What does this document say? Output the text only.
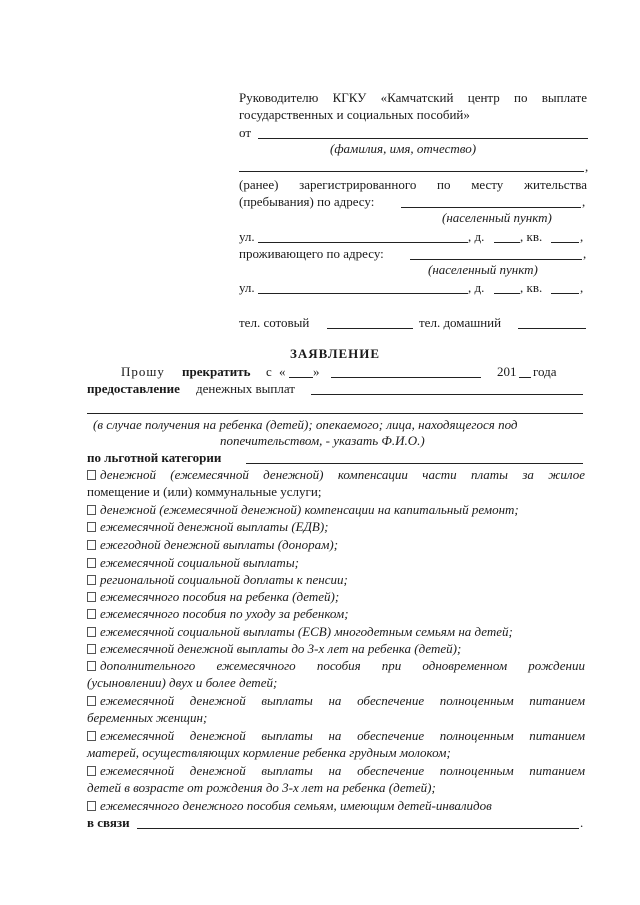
Руководителю КГКУ «Камчатский центр по выплате
государственных и социальных пособий»
от
(фамилия, имя, отчество)
,
(ранее) зарегистрированного по месту жительства
(пребывания) по адресу:	,
(населенный пункт)
ул.	, д.	, кв.	,
проживающего по адресу:	,
(населенный пункт)
ул.	, д.	, кв.	,
тел. сотовый	тел. домашний
ЗАЯВЛЕНИЕ
Прошу прекратить с « »	201 года
предоставление денежных выплат
(в случае получения на ребенка (детей); опекаемого; лица, находящегося под
попечительством, - указать Ф.И.О.)
по льготной категории
денежной (ежемесячной денежной) компенсации части платы за жилое
помещение и (или) коммунальные услуги;
денежной (ежемесячной денежной) компенсации на капитальный ремонт;
ежемесячной денежной выплаты (ЕДВ);
ежегодной денежной выплаты (донорам);
ежемесячной социальной выплаты;
региональной социальной доплаты к пенсии;
ежемесячного пособия на ребенка (детей);
ежемесячного пособия по уходу за ребенком;
ежемесячной социальной выплаты (ЕСВ) многодетным семьям на детей;
ежемесячной денежной выплаты до 3-х лет на ребенка (детей);
дополнительного ежемесячного пособия при одновременном рождении
(усыновлении) двух и более детей;
ежемесячной денежной выплаты на обеспечение полноценным питанием
беременных женщин;
ежемесячной денежной выплаты на обеспечение полноценным питанием
матерей, осуществляющих кормление ребенка грудным молоком;
ежемесячной денежной выплаты на обеспечение полноценным питанием
детей в возрасте от рождения до 3-х лет на ребенка (детей);
ежемесячного денежного пособия семьям, имеющим детей-инвалидов
в связи	.
